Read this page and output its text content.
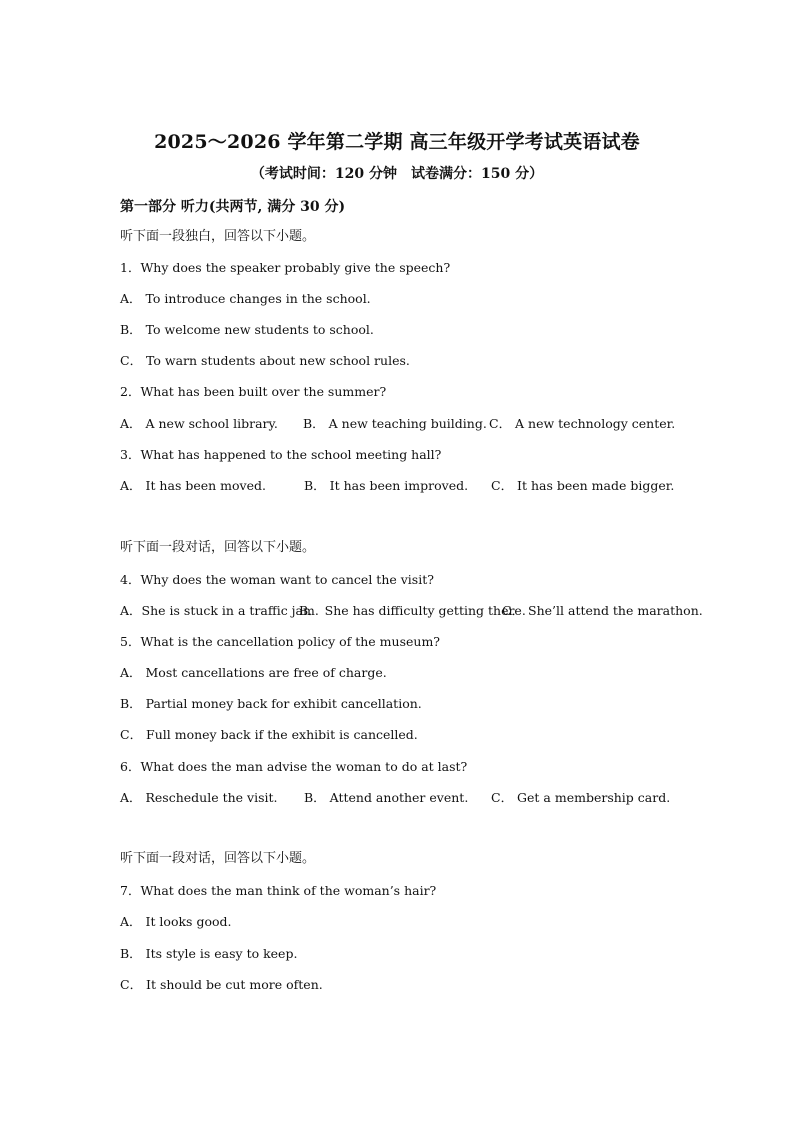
2025～2026 学年第二学期 高三年级开学考试英语试卷
（考试时间：120 分钟　试卷满分：150 分）
第一部分 听力(共两节, 满分 30 分)
听下面一段独白，回答以下小题。
1．Why does the speaker probably give the speech?
A． To introduce changes in the school.
B． To welcome new students to school.
C． To warn students about new school rules.
2．What has been built over the summer?
A． A new school library. B． A new teaching building. C． A new technology center.
3．What has happened to the school meeting hall?
A． It has been moved.	B． It has been improved. C． It has been made bigger.
听下面一段对话，回答以下小题。
4．Why does the woman want to cancel the visit?
A．She is stuck in a traffic jam.
B． She has difficulty getting there.
C． She’ll attend the marathon.
5．What is the cancellation policy of the museum?
A． Most cancellations are free of charge.
B． Partial money back for exhibit cancellation.
C． Full money back if the exhibit is cancelled.
6．What does the man advise the woman to do at last?
A． Reschedule the visit. B． Attend another event. C． Get a membership card.
听下面一段对话，回答以下小题。
7．What does the man think of the woman’s hair?
A． It looks good.
B． Its style is easy to keep.
C． It should be cut more often.
